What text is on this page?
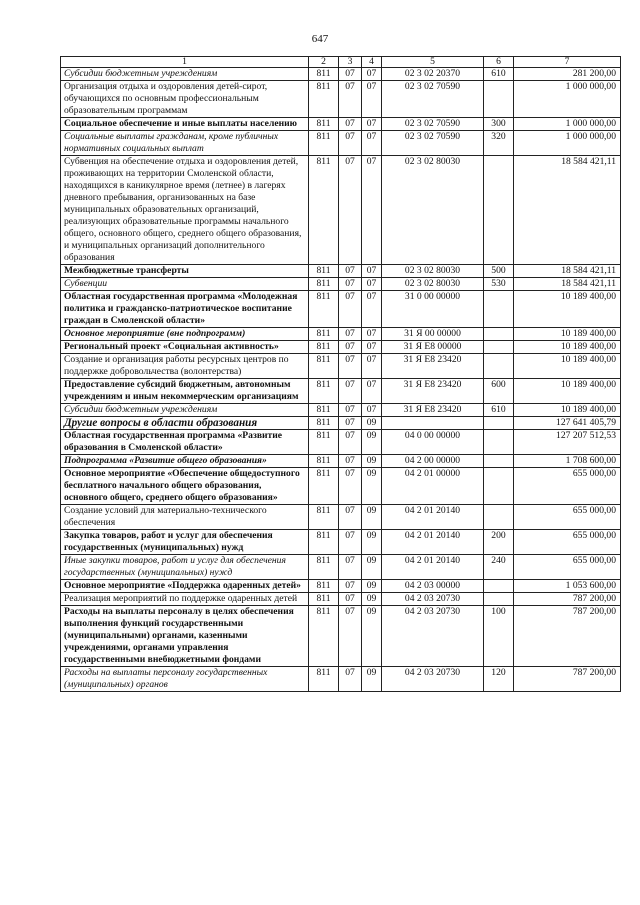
647
1	2	3	4	5	6	7
Субсидии бюджетным учреждениям	811	07	07	02 3 02 20370	610	281 200,00
Организация отдыха и оздоровления детей-сирот, обучающихся по основным профессиональным образовательным программам	811	07	07	02 3 02 70590		1 000 000,00
Социальное обеспечение и иные выплаты населению	811	07	07	02 3 02 70590	300	1 000 000,00
Социальные выплаты гражданам, кроме публичных нормативных социальных выплат	811	07	07	02 3 02 70590	320	1 000 000,00
Субвенция на обеспечение отдыха и оздоровления детей, проживающих на территории Смоленской области, находящихся в каникулярное время (летнее) в лагерях дневного пребывания, организованных на базе муниципальных образовательных организаций, реализующих образовательные программы начального общего, основного общего, среднего общего образования, и муниципальных организаций дополнительного образования	811	07	07	02 3 02 80030		18 584 421,11
Межбюджетные трансферты	811	07	07	02 3 02 80030	500	18 584 421,11
Субвенции	811	07	07	02 3 02 80030	530	18 584 421,11
Областная государственная программа «Молодежная политика и гражданско-патриотическое воспитание граждан в Смоленской области»	811	07	07	31 0 00 00000		10 189 400,00
Основное мероприятие (вне подпрограмм)	811	07	07	31 Я 00 00000		10 189 400,00
Региональный проект «Социальная активность»	811	07	07	31 Я Е8 00000		10 189 400,00
Создание и организация работы ресурсных центров по поддержке добровольчества (волонтерства)	811	07	07	31 Я Е8 23420		10 189 400,00
Предоставление субсидий бюджетным, автономным учреждениям и иным некоммерческим организациям	811	07	07	31 Я Е8 23420	600	10 189 400,00
Субсидии бюджетным учреждениям	811	07	07	31 Я Е8 23420	610	10 189 400,00
Другие вопросы в области образования	811	07	09			127 641 405,79
Областная государственная программа «Развитие образования в Смоленской области»	811	07	09	04 0 00 00000		127 207 512,53
Подпрограмма «Развитие общего образования»	811	07	09	04 2 00 00000		1 708 600,00
Основное мероприятие «Обеспечение общедоступного бесплатного начального общего образования, основного общего, среднего общего образования»	811	07	09	04 2 01 00000		655 000,00
Создание условий для материально-технического обеспечения	811	07	09	04 2 01 20140		655 000,00
Закупка товаров, работ и услуг для обеспечения государственных (муниципальных) нужд	811	07	09	04 2 01 20140	200	655 000,00
Иные закупки товаров, работ и услуг для обеспечения государственных (муниципальных) нужд	811	07	09	04 2 01 20140	240	655 000,00
Основное мероприятие «Поддержка одаренных детей»	811	07	09	04 2 03 00000		1 053 600,00
Реализация мероприятий по поддержке одаренных детей	811	07	09	04 2 03 20730		787 200,00
Расходы на выплаты персоналу в целях обеспечения выполнения функций государственными (муниципальными) органами, казенными учреждениями, органами управления государственными внебюджетными фондами	811	07	09	04 2 03 20730	100	787 200,00
Расходы на выплаты персоналу государственных (муниципальных) органов	811	07	09	04 2 03 20730	120	787 200,00
